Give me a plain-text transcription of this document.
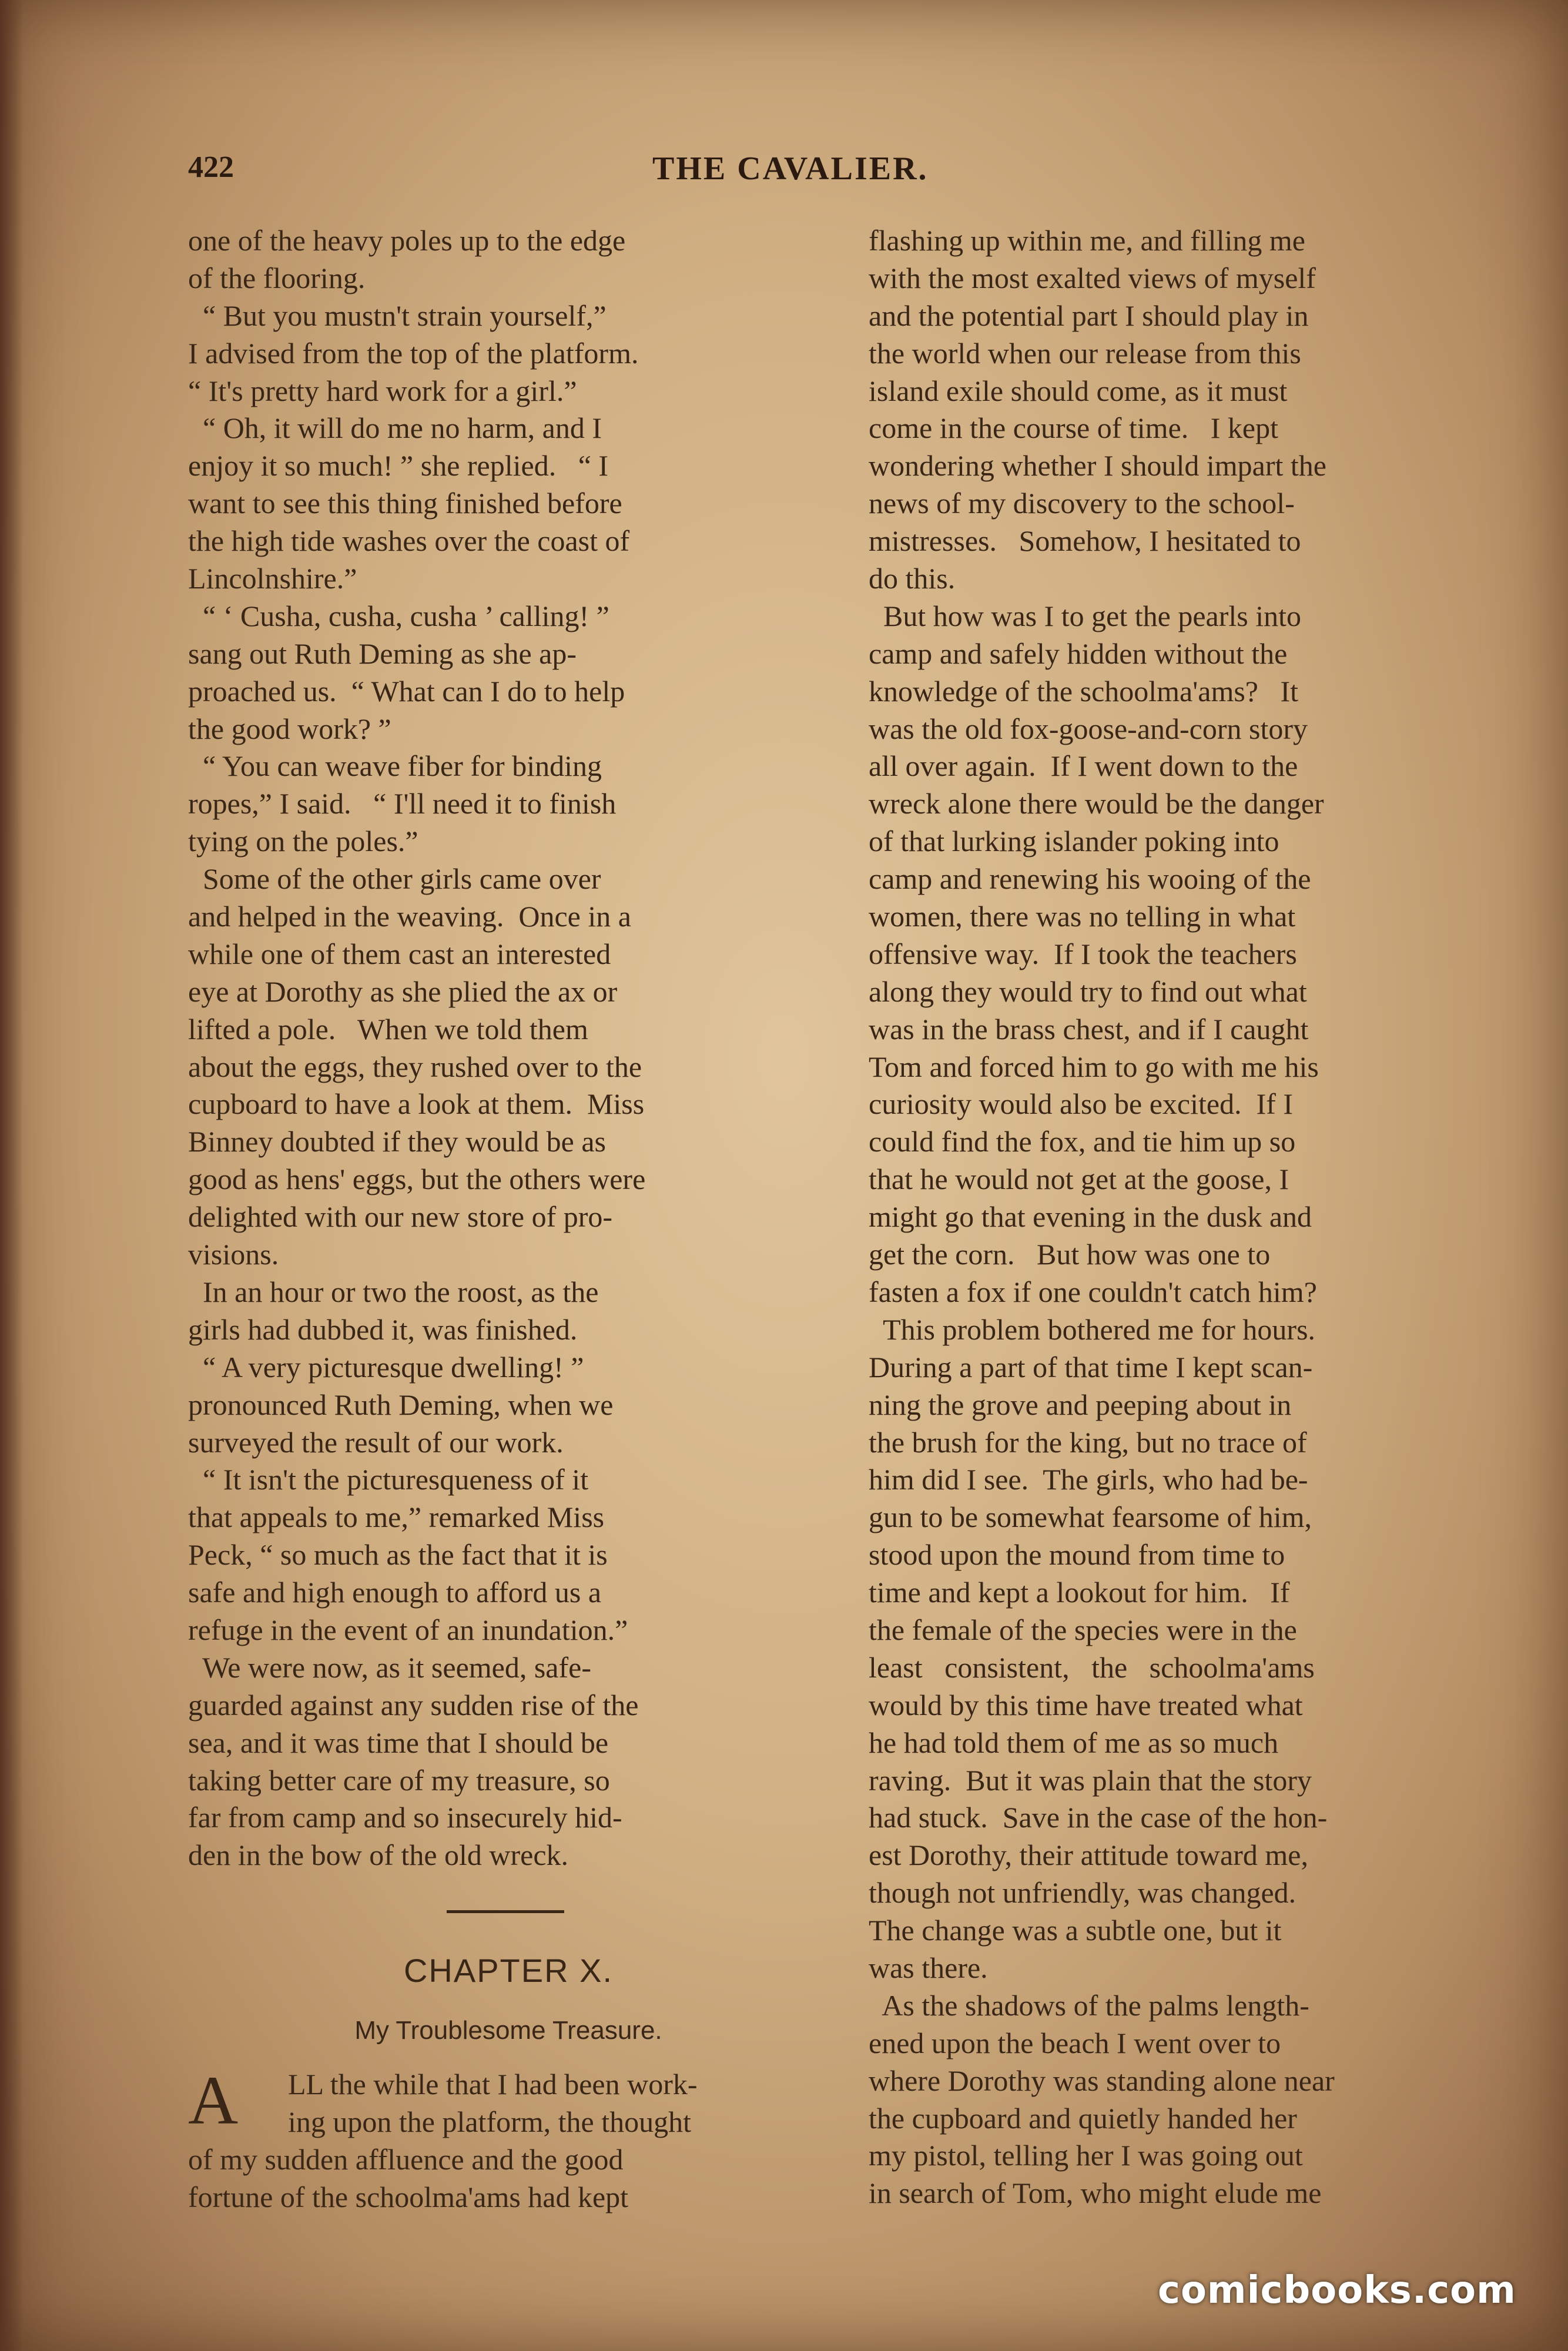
422	THE CAVALIER.
one of the heavy poles up to the edge
of the flooring.
“ But you mustn't strain yourself,”
I advised from the top of the platform.
“ It's pretty hard work for a girl.”
“ Oh, it will do me no harm, and I
enjoy it so much! ” she replied.   “ I
want to see this thing finished before
the high tide washes over the coast of
Lincolnshire.”
“ ‘ Cusha, cusha, cusha ’ calling! ”
sang out Ruth Deming as she ap-
proached us.  “ What can I do to help
the good work? ”
“ You can weave fiber for binding
ropes,” I said.   “ I'll need it to finish
tying on the poles.”
Some of the other girls came over
and helped in the weaving.  Once in a
while one of them cast an interested
eye at Dorothy as she plied the ax or
lifted a pole.   When we told them
about the eggs, they rushed over to the
cupboard to have a look at them.  Miss
Binney doubted if they would be as
good as hens' eggs, but the others were
delighted with our new store of pro-
visions.
In an hour or two the roost, as the
girls had dubbed it, was finished.
“ A very picturesque dwelling! ”
pronounced Ruth Deming, when we
surveyed the result of our work.
“ It isn't the picturesqueness of it
that appeals to me,” remarked Miss
Peck, “ so much as the fact that it is
safe and high enough to afford us a
refuge in the event of an inundation.”
We were now, as it seemed, safe-
guarded against any sudden rise of the
sea, and it was time that I should be
taking better care of my treasure, so
far from camp and so insecurely hid-
den in the bow of the old wreck.
CHAPTER X.
My Troublesome Treasure.
A	LL the while that I had been work-
ing upon the platform, the thought
of my sudden affluence and the good
fortune of the schoolma'ams had kept
flashing up within me, and filling me
with the most exalted views of myself
and the potential part I should play in
the world when our release from this
island exile should come, as it must
come in the course of time.   I kept
wondering whether I should impart the
news of my discovery to the school-
mistresses.   Somehow, I hesitated to
do this.
But how was I to get the pearls into
camp and safely hidden without the
knowledge of the schoolma'ams?   It
was the old fox-goose-and-corn story
all over again.  If I went down to the
wreck alone there would be the danger
of that lurking islander poking into
camp and renewing his wooing of the
women, there was no telling in what
offensive way.  If I took the teachers
along they would try to find out what
was in the brass chest, and if I caught
Tom and forced him to go with me his
curiosity would also be excited.  If I
could find the fox, and tie him up so
that he would not get at the goose, I
might go that evening in the dusk and
get the corn.   But how was one to
fasten a fox if one couldn't catch him?
This problem bothered me for hours.
During a part of that time I kept scan-
ning the grove and peeping about in
the brush for the king, but no trace of
him did I see.  The girls, who had be-
gun to be somewhat fearsome of him,
stood upon the mound from time to
time and kept a lookout for him.   If
the female of the species were in the
least   consistent,   the   schoolma'ams
would by this time have treated what
he had told them of me as so much
raving.  But it was plain that the story
had stuck.  Save in the case of the hon-
est Dorothy, their attitude toward me,
though not unfriendly, was changed.
The change was a subtle one, but it
was there.
As the shadows of the palms length-
ened upon the beach I went over to
where Dorothy was standing alone near
the cupboard and quietly handed her
my pistol, telling her I was going out
in search of Tom, who might elude me
comicbooks.com
